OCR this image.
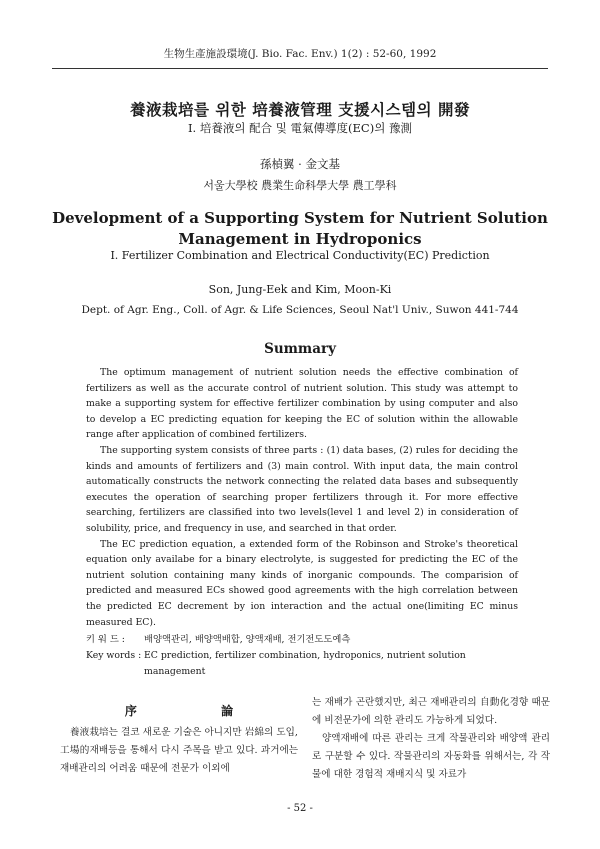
生物生產施設環境(J. Bio. Fac. Env.) 1(2) : 52-60, 1992
養液栽培를 위한 培養液管理 支援시스템의 開發
Ⅰ. 培養液의 配合 및 電氣傳導度(EC)의 豫測
孫楨翼 · 金文基
서울大學校 農業生命科學大學 農工學科
Development of a Supporting System for Nutrient Solution
Management in Hydroponics
Ⅰ. Fertilizer Combination and Electrical Conductivity(EC) Prediction
Son, Jung-Eek and Kim, Moon-Ki
Dept. of Agr. Eng., Coll. of Agr. & Life Sciences, Seoul Nat'l Univ., Suwon 441-744
Summary

The optimum management of nutrient solution needs the effective combination of fertilizers as well as the accurate control of nutrient solution. This study was attempt to make a supporting system for effective fertilizer combination by using computer and also to develop a EC predicting equation for keeping the EC of solution within the allowable range after application of combined fertilizers.

The supporting system consists of three parts : (1) data bases, (2) rules for deciding the kinds and amounts of fertilizers and (3) main control. With input data, the main control automatically constructs the network connecting the related data bases and subsequently executes the operation of searching proper fertilizers through it. For more effective searching, fertilizers are classified into two levels(level 1 and level 2) in consideration of solubility, price, and frequency in use, and searched in that order.

The EC prediction equation, a extended form of the Robinson and Stroke's theoretical equation only availabe for a binary electrolyte, is suggested for predicting the EC of the nutrient solution containing many kinds of inorganic compounds. The comparision of predicted and measured ECs showed good agreements with the high correlation between the predicted EC decrement by ion interaction and the actual one(limiting EC minus measured EC).

키 워 드 :	배양액관리, 배양액배합, 양액재배, 전기전도도예측
Key words : EC prediction, fertilizer combination, hydroponics, nutrient solution management
序 論

養液栽培는 결코 새로운 기술은 아니지만 岩綿의 도입, 工場的재배등을 통해서 다시 주목을 받고 있다. 과거에는 재배관리의 어려움 때문에 전문가 이외에

는 재배가 곤란했지만, 최근 재배관리의 自動化경향 때문에 비전문가에 의한 관리도 가능하게 되었다.

양액재배에 따른 관리는 크게 작물관리와 배양액 관리로 구분할 수 있다. 작물관리의 자동화를 위해서는, 각 작물에 대한 경험적 재배지식 및 자료가

- 52 -
